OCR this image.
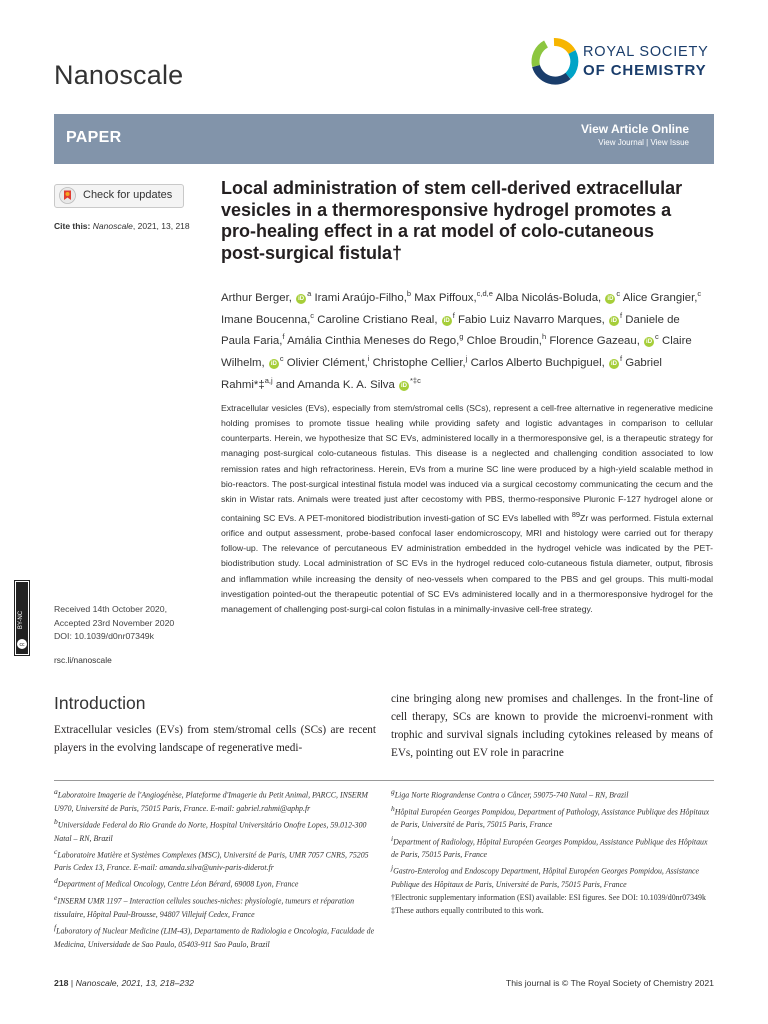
Nanoscale
ROYAL SOCIETY
OF CHEMISTRY
PAPER	View Article Online
View Journal | View Issue
Check for updates
Cite this: Nanoscale, 2021, 13, 218
Local administration of stem cell-derived extracellular vesicles in a thermoresponsive hydrogel promotes a pro-healing effect in a rat model of colo-cutaneous post-surgical fistula†
Arthur Berger, $iD^a$ Irami Araújo-Filho,$^b$ Max Piffoux,$^{c,d,e}$ Alba Nicolás-Boluda, $iD^c$ Alice Grangier,$^c$ Imane Boucenna,$^c$ Caroline Cristiano Real, $iD^f$ Fabio Luiz Navarro Marques, $iD^f$ Daniele de Paula Faria,$^f$ Amália Cinthia Meneses do Rego,$^g$ Chloe Broudin,$^h$ Florence Gazeau, $iD^c$ Claire Wilhelm, $iD^c$ Olivier Clément,$^i$ Christophe Cellier,$^j$ Carlos Alberto Buchpiguel, $iD^f$ Gabriel Rahmi*‡$^{a,j}$ and Amanda K. A. Silva $iD^{*\ddagger c}$
Extracellular vesicles (EVs), especially from stem/stromal cells (SCs), represent a cell-free alternative in regenerative medicine holding promises to promote tissue healing while providing safety and logistic advantages in comparison to cellular counterparts. Herein, we hypothesize that SC EVs, administered locally in a thermoresponsive gel, is a therapeutic strategy for managing post-surgical colo-cutaneous fistulas. This disease is a neglected and challenging condition associated to low remission rates and high refractoriness. Herein, EVs from a murine SC line were produced by a high-yield scalable method in bio-reactors. The post-surgical intestinal fistula model was induced via a surgical cecostomy communicating the cecum and the skin in Wistar rats. Animals were treated just after cecostomy with PBS, thermo-responsive Pluronic F-127 hydrogel alone or containing SC EVs. A PET-monitored biodistribution investi-gation of SC EVs labelled with $^{89}$Zr was performed. Fistula external orifice and output assessment, probe-based confocal laser endomicroscopy, MRI and histology were carried out for therapy follow-up. The relevance of percutaneous EV administration embedded in the hydrogel vehicle was indicated by the PET-biodistribution study. Local administration of SC EVs in the hydrogel reduced colo-cutaneous fistula diameter, output, fibrosis and inflammation while increasing the density of neo-vessels when compared to the PBS and gel groups. This multi-modal investigation pointed-out the therapeutic potential of SC EVs administered locally and in a thermoresponsive hydrogel for the management of challenging post-surgi-cal colon fistulas in a minimally-invasive cell-free strategy.
cc
BY-NC
Received 14th October 2020,
Accepted 23rd November 2020
DOI: 10.1039/d0nr07349k
rsc.li/nanoscale
Introduction
Extracellular vesicles (EVs) from stem/stromal cells (SCs) are recent players in the evolving landscape of regenerative medi-
cine bringing along new promises and challenges. In the front-line of cell therapy, SCs are known to provide the microenvi-ronment with trophic and survival signals including cytokines released by means of EVs, pointing out EV role in paracrine
$^a$Laboratoire Imagerie de l'Angiogénèse, Plateforme d'Imagerie du Petit Animal, PARCC, INSERM U970, Université de Paris, 75015 Paris, France. E-mail: gabriel.rahmi@aphp.fr
$^b$Universidade Federal do Rio Grande do Norte, Hospital Universitário Onofre Lopes, 59.012-300 Natal – RN, Brazil
$^c$Laboratoire Matière et Systèmes Complexes (MSC), Université de Paris, UMR 7057 CNRS, 75205 Paris Cedex 13, France. E-mail: amanda.silva@univ-paris-diderot.fr
$^d$Department of Medical Oncology, Centre Léon Bérard, 69008 Lyon, France
$^e$INSERM UMR 1197 – Interaction cellules souches-niches: physiologie, tumeurs et réparation tissulaire, Hôpital Paul-Brousse, 94807 Villejuif Cedex, France
$^f$Laboratory of Nuclear Medicine (LIM-43), Departamento de Radiologia e Oncologia, Faculdade de Medicina, Universidade de Sao Paulo, 05403-911 Sao Paulo, Brazil
$^g$Liga Norte Riograndense Contra o Câncer, 59075-740 Natal – RN, Brazil
$^h$Hôpital Européen Georges Pompidou, Department of Pathology, Assistance Publique des Hôpitaux de Paris, Université de Paris, 75015 Paris, France
$^i$Department of Radiology, Hôpital Européen Georges Pompidou, Assistance Publique des Hôpitaux de Paris, 75015 Paris, France
$^j$Gastro-Enterolog and Endoscopy Department, Hôpital Européen Georges Pompidou, Assistance Publique des Hôpitaux de Paris, Université de Paris, 75015 Paris, France
†Electronic supplementary information (ESI) available: ESI figures. See DOI: 10.1039/d0nr07349k
‡These authors equally contributed to this work.
218 | Nanoscale, 2021, 13, 218–232	This journal is © The Royal Society of Chemistry 2021
